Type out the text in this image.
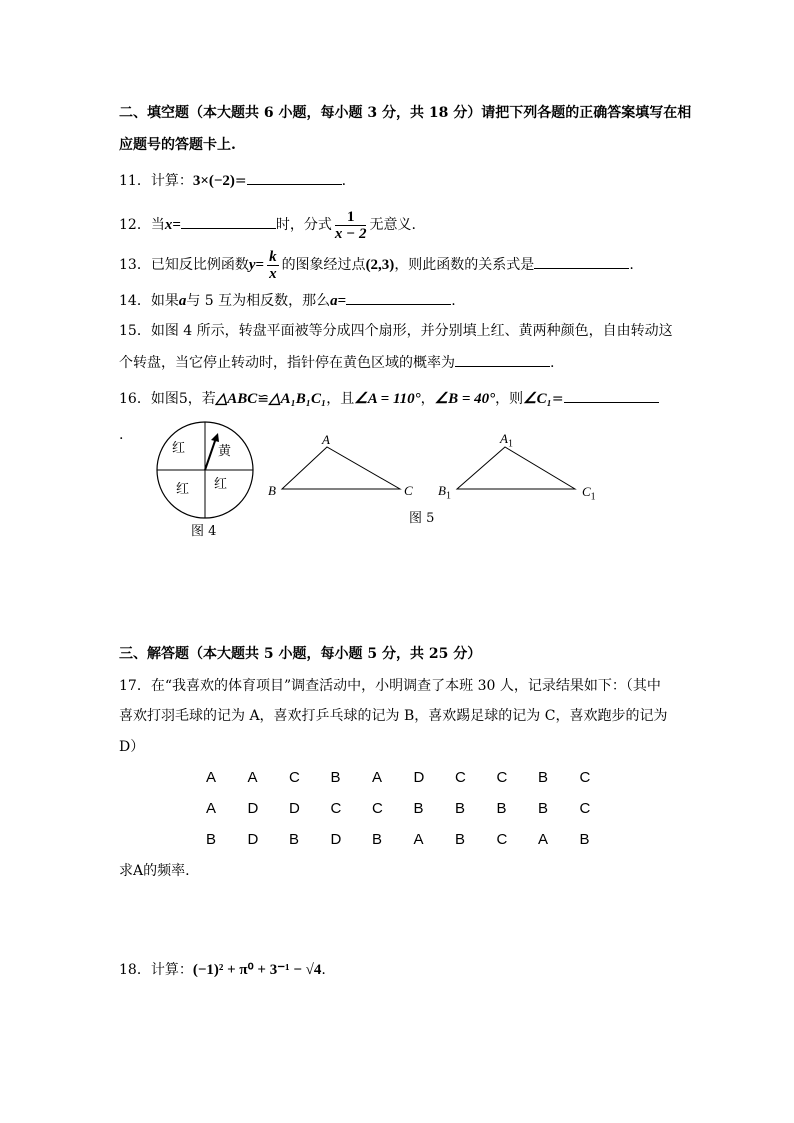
二、填空题（本大题共 6 小题，每小题 3 分，共 18 分）请把下列各题的正确答案填写在相
应题号的答题卡上.
11．计算：3×(−2)=	.
12．当x=	时，分式 $\frac{1}{x - 2}$ 无意义.
13．已知反比例函数$y= \frac{k}{x}$ 的图象经过点(2,3)，则此函数的关系式是	.
14．如果a与 5 互为相反数，那么a=	.
15．如图 4 所示，转盘平面被等分成四个扇形，并分别填上红、黄两种颜色，自由转动这
个转盘，当它停止转动时，指针停在黄色区域的概率为	.
16．如图5，若△ABC≌△A₁B₁C₁，且∠A = 110°，∠B = 40°，则∠C₁=
.
红	黄
红 红
图 4
A
B	C
$A_1$
$B_1$	$C_1$
图 5
三、解答题（本大题共 5 小题，每小题 5 分，共 25 分）
17．在“我喜欢的体育项目”调查活动中，小明调查了本班 30 人，记录结果如下：（其中
喜欢打羽毛球的记为 A，喜欢打乒乓球的记为 B，喜欢踢足球的记为 C，喜欢跑步的记为
D）
A	A	C	B	A	D	C	C	B	C
A	D	D	C	C	B	B	B	B	C
B	D	B	D	B	A	B	C	A	B
求A的频率.
18．计算：(−1)² + π⁰ + 3⁻¹ − √4.
